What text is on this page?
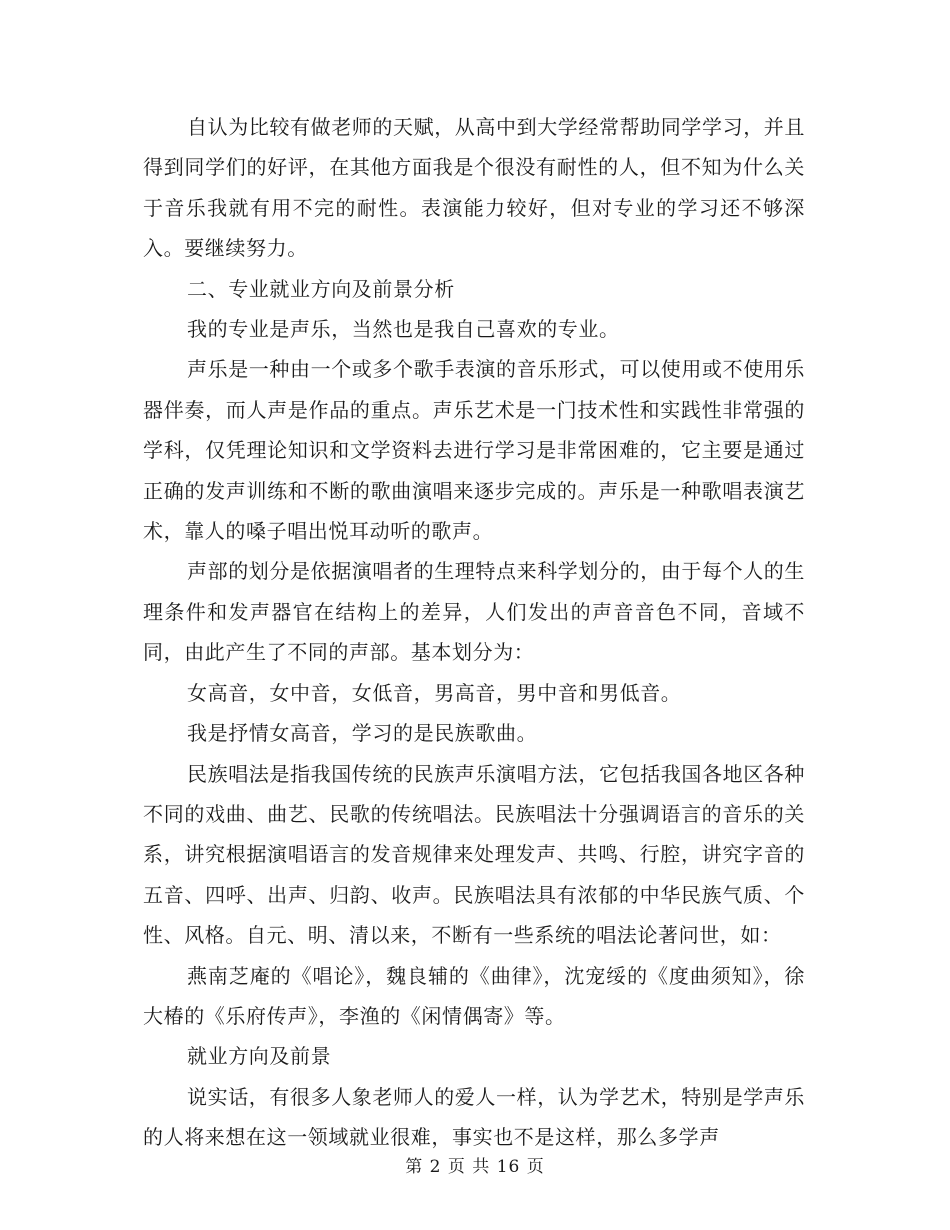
自认为比较有做老师的天赋，从高中到大学经常帮助同学学习，并且得到同学们的好评，在其他方面我是个很没有耐性的人，但不知为什么关于音乐我就有用不完的耐性。表演能力较好，但对专业的学习还不够深入。要继续努力。

二、专业就业方向及前景分析

我的专业是声乐，当然也是我自己喜欢的专业。

声乐是一种由一个或多个歌手表演的音乐形式，可以使用或不使用乐器伴奏，而人声是作品的重点。声乐艺术是一门技术性和实践性非常强的学科，仅凭理论知识和文学资料去进行学习是非常困难的，它主要是通过正确的发声训练和不断的歌曲演唱来逐步完成的。声乐是一种歌唱表演艺术，靠人的嗓子唱出悦耳动听的歌声。

声部的划分是依据演唱者的生理特点来科学划分的，由于每个人的生理条件和发声器官在结构上的差异，人们发出的声音音色不同，音域不同，由此产生了不同的声部。基本划分为：

女高音，女中音，女低音，男高音，男中音和男低音。

我是抒情女高音，学习的是民族歌曲。

民族唱法是指我国传统的民族声乐演唱方法，它包括我国各地区各种不同的戏曲、曲艺、民歌的传统唱法。民族唱法十分强调语言的音乐的关系，讲究根据演唱语言的发音规律来处理发声、共鸣、行腔，讲究字音的五音、四呼、出声、归韵、收声。民族唱法具有浓郁的中华民族气质、个性、风格。自元、明、清以来，不断有一些系统的唱法论著问世，如：

燕南芝庵的《唱论》，魏良辅的《曲律》，沈宠绥的《度曲须知》，徐大椿的《乐府传声》，李渔的《闲情偶寄》等。

就业方向及前景

说实话，有很多人象老师人的爱人一样，认为学艺术，特别是学声乐的人将来想在这一领域就业很难，事实也不是这样，那么多学声

第 2 页 共 16 页
